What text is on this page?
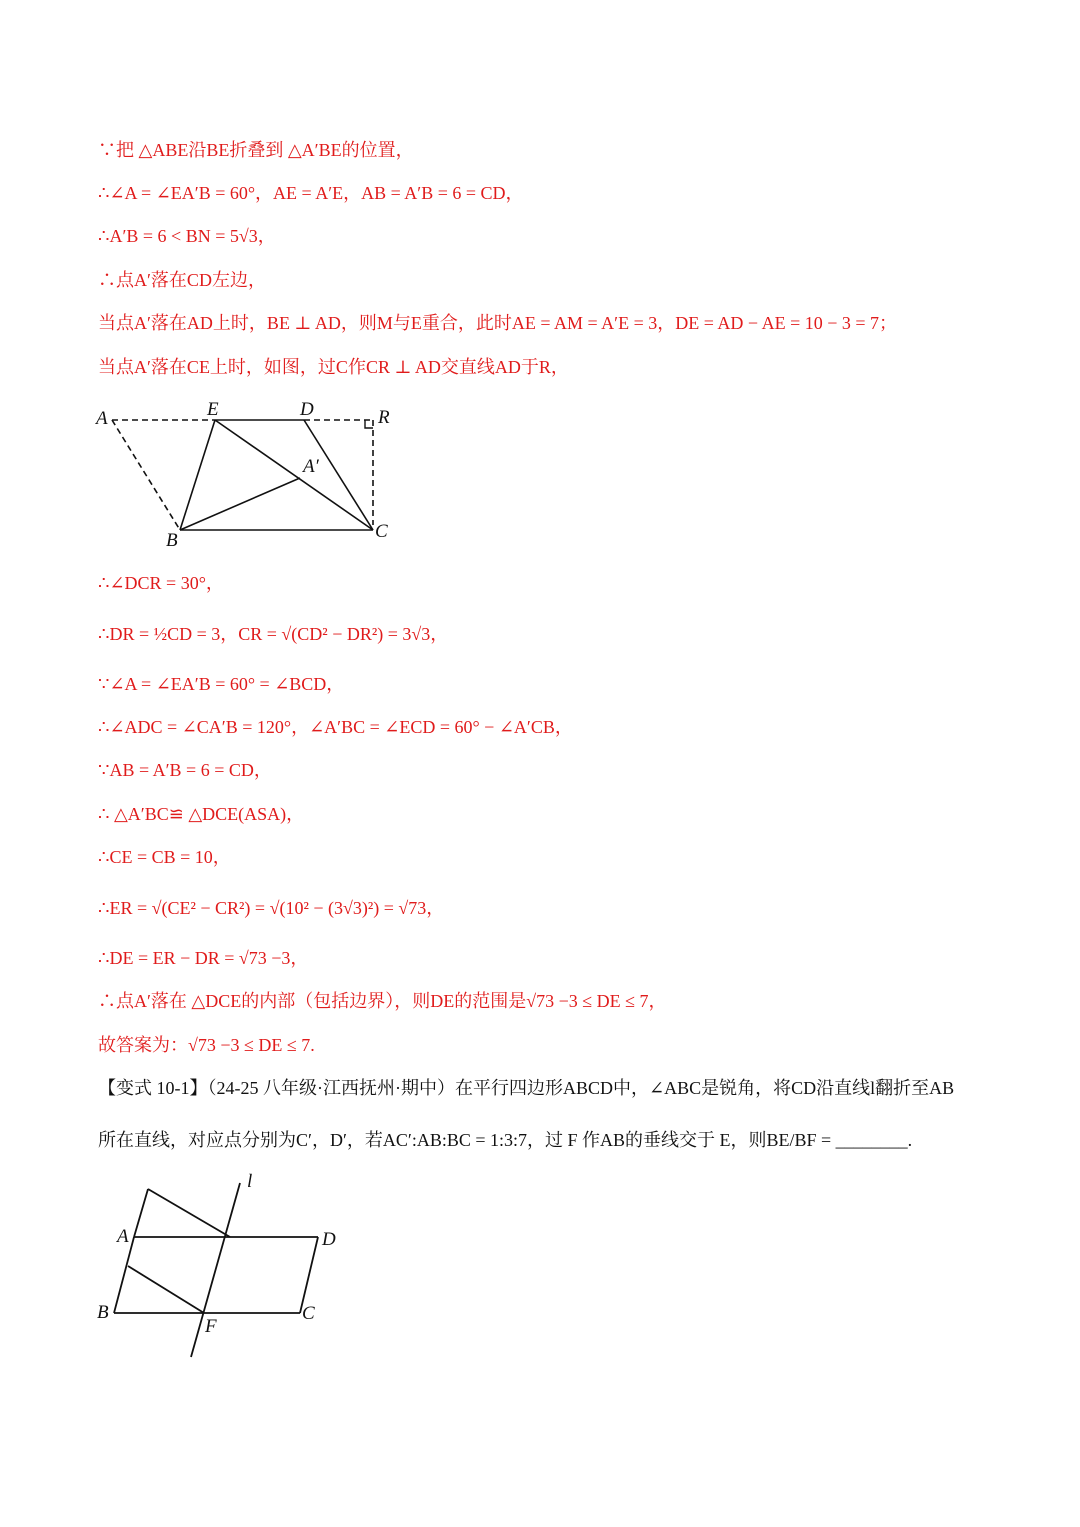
∵把 △ABE沿BE折叠到 △A′BE的位置，
∴∠A = ∠EA′B = 60°，AE = A′E，AB = A′B = 6 = CD，
∴A′B = 6 < BN = 5√3，
∴点A′落在CD左边，
当点A′落在AD上时，BE ⊥ AD，则M与E重合，此时AE = AM = A′E = 3，DE = AD − AE = 10 − 3 = 7；
当点A′落在CE上时，如图，过C作CR ⊥ AD交直线AD于R，
A	E	D	R
A′
B	C
∴∠DCR = 30°，
∴DR = ½CD = 3，CR = √(CD² − DR²) = 3√3，
∵∠A = ∠EA′B = 60° = ∠BCD，
∴∠ADC = ∠CA′B = 120°，∠A′BC = ∠ECD = 60° − ∠A′CB，
∵AB = A′B = 6 = CD，
∴ △A′BC≌ △DCE(ASA)，
∴CE = CB = 10，
∴ER = √(CE² − CR²) = √(10² − (3√3)²) = √73，
∴DE = ER − DR = √73 −3，
∴点A′落在 △DCE的内部（包括边界），则DE的范围是√73 −3 ≤ DE ≤ 7，
故答案为：√73 −3 ≤ DE ≤ 7.
【变式 10-1】（24-25 八年级·江西抚州·期中）在平行四边形ABCD中，∠ABC是锐角，将CD沿直线l翻折至AB
所在直线，对应点分别为C′，D′，若AC′:AB:BC = 1:3:7，过 F 作AB的垂线交于 E，则BE/BF = ________.
l
A	D
B
F
C
